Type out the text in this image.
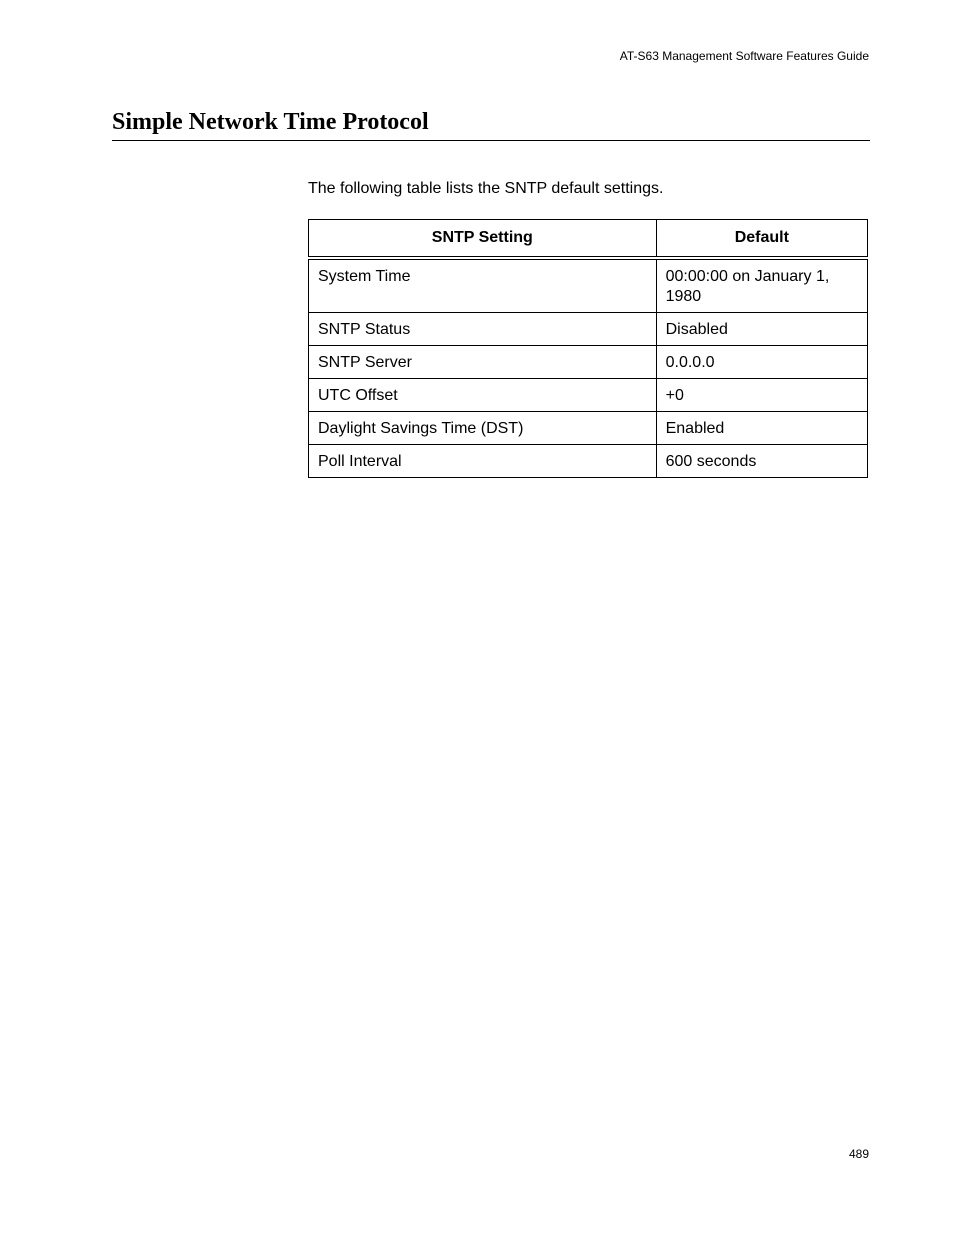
AT-S63 Management Software Features Guide
Simple Network Time Protocol

The following table lists the SNTP default settings.

SNTP Setting	Default
System Time	00:00:00 on January 1, 1980
SNTP Status	Disabled
SNTP Server	0.0.0.0
UTC Offset	+0
Daylight Savings Time (DST)	Enabled
Poll Interval	600 seconds
489
